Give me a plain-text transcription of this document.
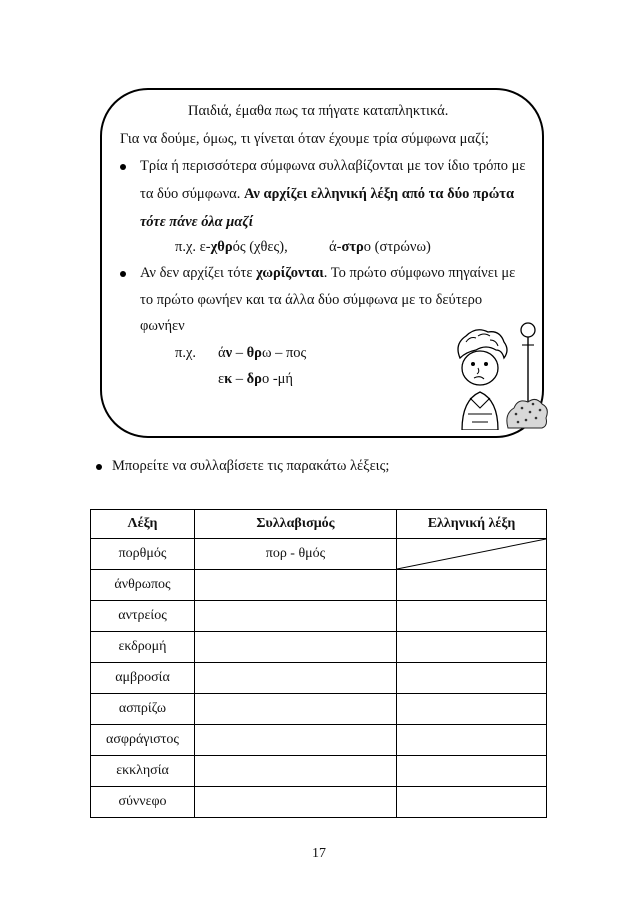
Παιδιά, έμαθα πως τα πήγατε καταπληκτικά.
Για να δούμε, όμως, τι γίνεται όταν έχουμε τρία σύμφωνα μαζί;
Τρία ή περισσότερα σύμφωνα συλλαβίζονται με τον ίδιο τρόπο με
τα δύο σύμφωνα. Αν αρχίζει ελληνική λέξη από τα δύο πρώτα
τότε πάνε όλα μαζί
π.χ. ε-χθρός (χθες),	ά-στρο (στρώνω)
Αν δεν αρχίζει τότε χωρίζονται. Το πρώτο σύμφωνο πηγαίνει με
το πρώτο φωνήεν και τα άλλα δύο σύμφωνα με το δεύτερο
φωνήεν
π.χ. άν – θρω – πος
εκ – δρο -μή
Μπορείτε να συλλαβίσετε τις παρακάτω λέξεις;
Λέξη	Συλλαβισμός	Ελληνική λέξη
πορθμός	πορ - θμός	

άνθρωπος		
αντρείος		
εκδρομή		
αμβροσία		
ασπρίζω		
ασφράγιστος		
εκκλησία		
σύννεφο		
17
